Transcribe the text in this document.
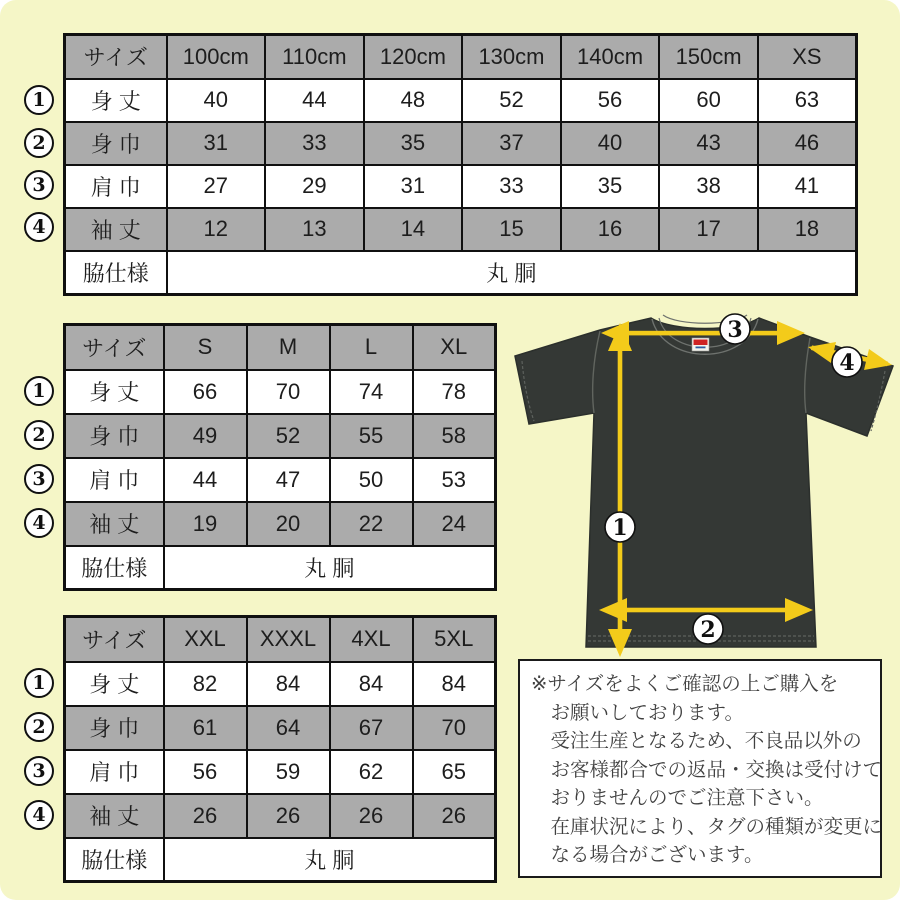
サイズ	100cm	110cm	120cm	130cm	140cm	150cm	XS
身 丈	40	44	48	52	56	60	63
身 巾	31	33	35	37	40	43	46
肩 巾	27	29	31	33	35	38	41
袖 丈	12	13	14	15	16	17	18
脇仕様	丸 胴						
1
2
3
4
サイズ	S	M	L	XL
身 丈	66	70	74	78
身 巾	49	52	55	58
肩 巾	44	47	50	53
袖 丈	19	20	22	24
脇仕様	丸 胴			
1
2
3
4
サイズ	XXL	XXXL	4XL	5XL
身 丈	82	84	84	84
身 巾	61	64	67	70
肩 巾	56	59	62	65
袖 丈	26	26	26	26
脇仕様	丸 胴			
1
2
3
4
3
4
1
2
※サイズをよくご確認の上ご購入を
　お願いしております。
　受注生産となるため、不良品以外の
　お客様都合での返品・交換は受付けて
　おりませんのでご注意下さい。
　在庫状況により、タグの種類が変更に
　なる場合がございます。
